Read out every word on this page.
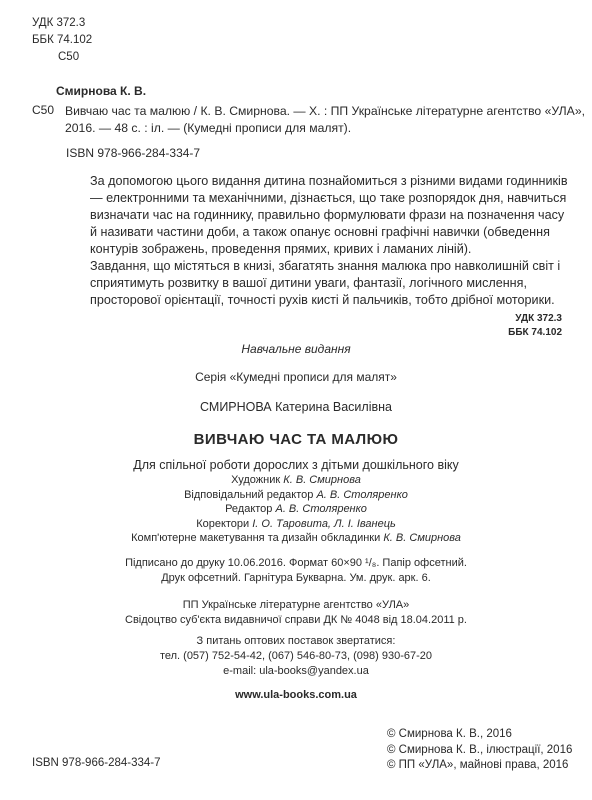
УДК 372.3
ББК 74.102
С50
Смирнова К. В.
С50 Вивчаю час та малюю / К. В. Смирнова. — Х. : ПП Українське літературне агентство «УЛА», 2016. — 48 с. : іл. — (Кумедні прописи для малят).
ISBN 978-966-284-334-7

За допомогою цього видання дитина познайомиться з різними видами годинників — електронними та механічними, дізнається, що таке розпорядок дня, навчиться визначати час на годиннику, правильно формулювати фрази на позначення часу й називати частини доби, а також опанує основні графічні навички (обведення контурів зображень, проведення прямих, кривих і ламаних ліній).

Завдання, що містяться в книзі, збагатять знання малюка про навколишній світ і сприятимуть розвитку в вашої дитини уваги, фантазії, логічного мислення, просторової орієнтації, точності рухів кисті й пальчиків, тобто дрібної моторики.

УДК 372.3
ББК 74.102
Навчальне видання
Серія «Кумедні прописи для малят»
СМИРНОВА Катерина Василівна
ВИВЧАЮ ЧАС ТА МАЛЮЮ
Для спільної роботи дорослих з дітьми дошкільного віку
Художник К. В. Смирнова
Відповідальний редактор А. В. Столяренко
Редактор А. В. Столяренко
Коректори І. О. Таровита, Л. І. Іванець
Комп'ютерне макетування та дизайн обкладинки К. В. Смирнова
Підписано до друку 10.06.2016. Формат 60×90 ¹/₈. Папір офсетний.
Друк офсетний. Гарнітура Букварна. Ум. друк. арк. 6.
ПП Українське літературне агентство «УЛА»
Свідоцтво суб'єкта видавничої справи ДК № 4048 від 18.04.2011 р.
З питань оптових поставок звертатися:
тел. (057) 752-54-42, (067) 546-80-73, (098) 930-67-20
e-mail: ula-books@yandex.ua
www.ula-books.com.ua
ISBN 978-966-284-334-7
© Смирнова К. В., 2016
© Смирнова К. В., ілюстрації, 2016
© ПП «УЛА», майнові права, 2016
